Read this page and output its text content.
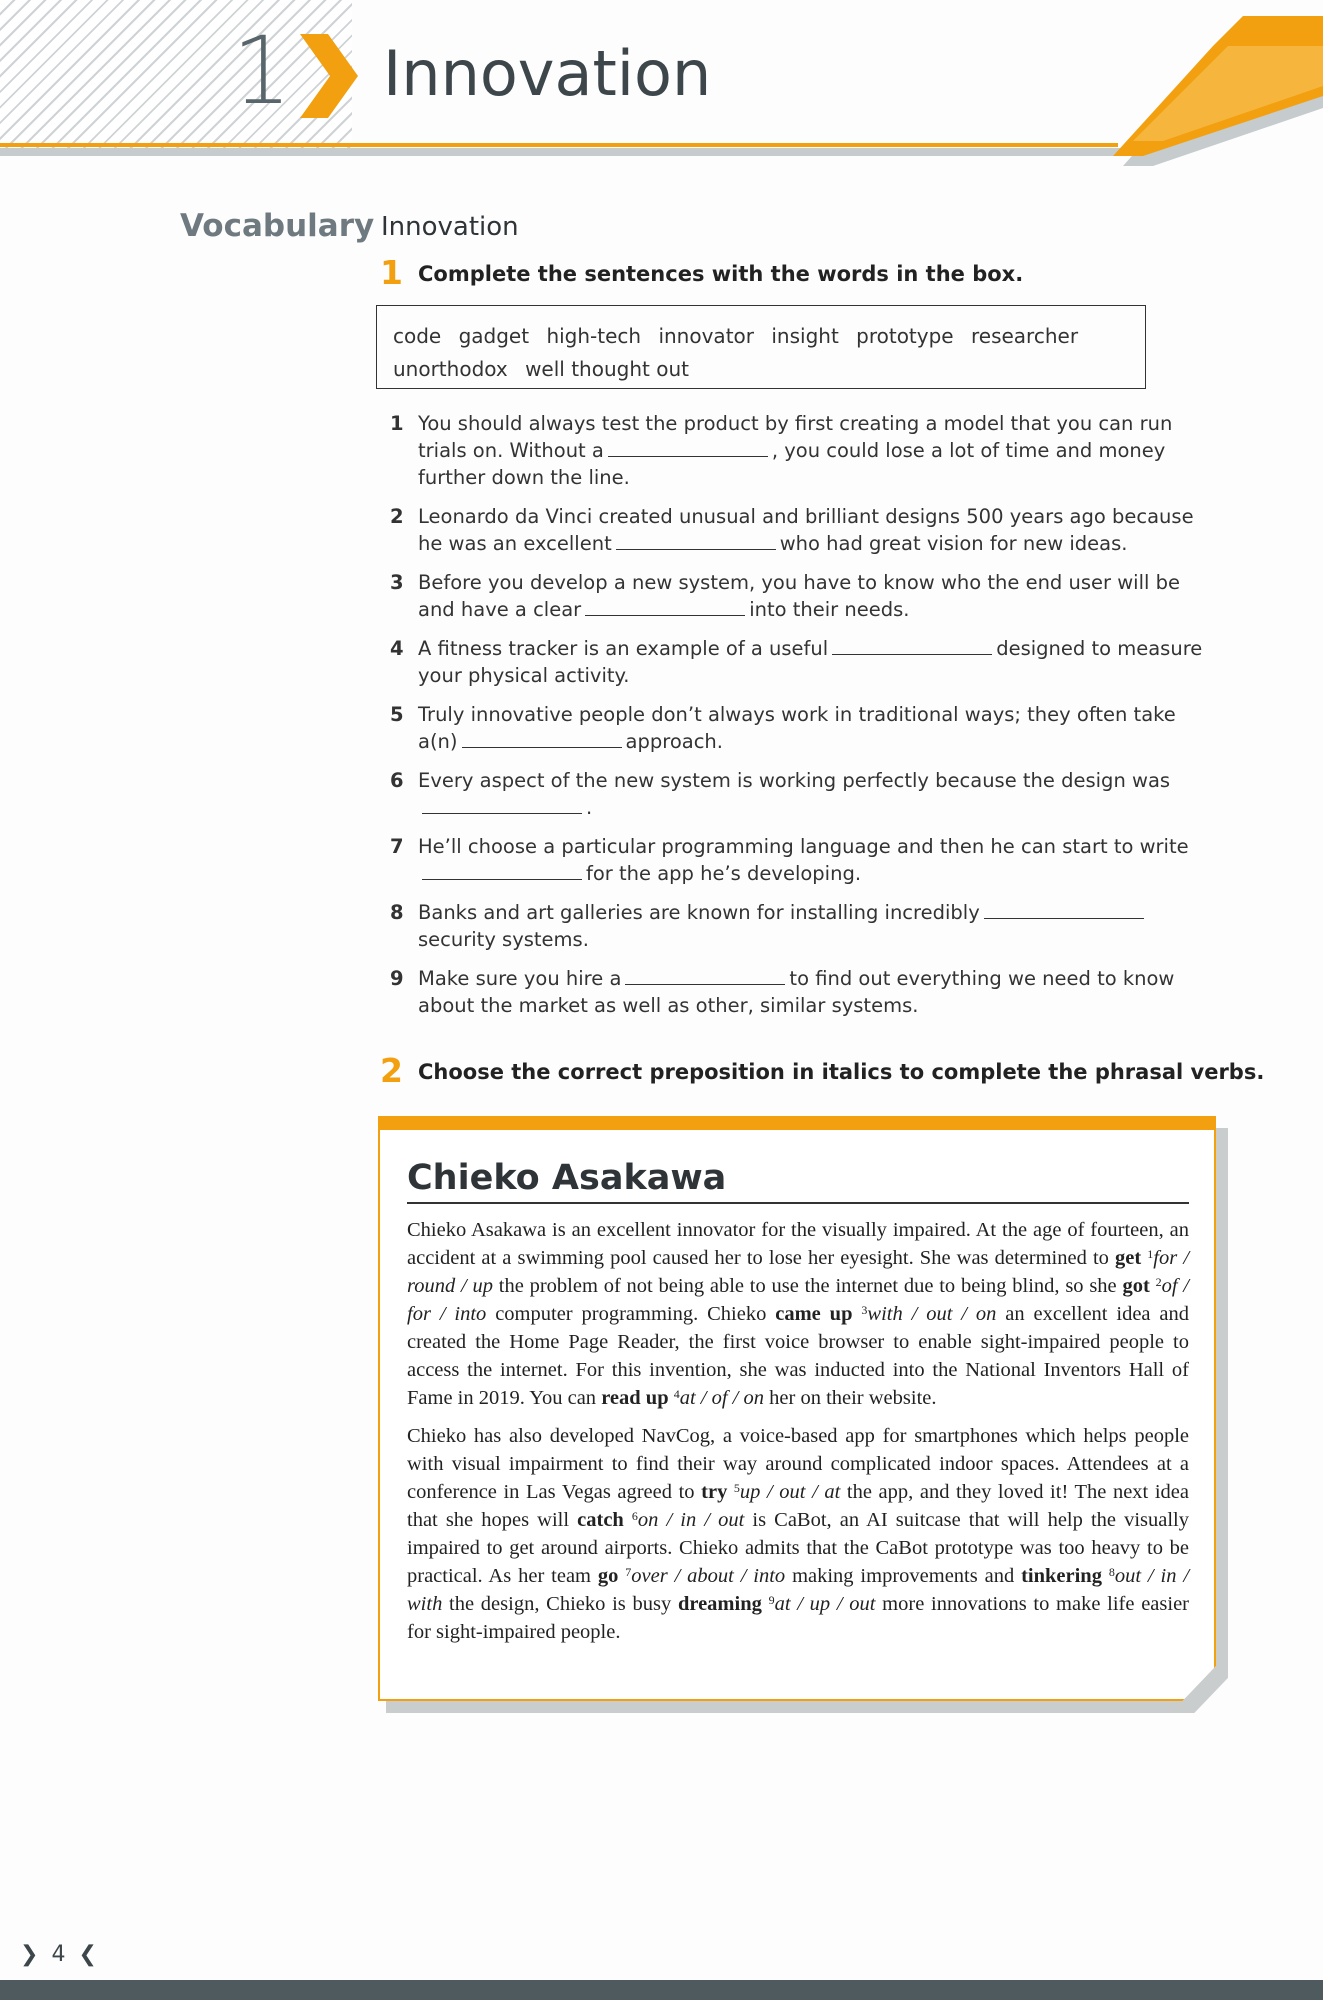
1 Innovation
Vocabulary Innovation
1 Complete the sentences with the words in the box.
code gadget high-tech innovator insight prototype researcher unorthodox well thought out
1 You should always test the product by first creating a model that you can run trials on. Without a	, you could lose a lot of time and money further down the line.
2 Leonardo da Vinci created unusual and brilliant designs 500 years ago because he was an excellent	who had great vision for new ideas.
3 Before you develop a new system, you have to know who the end user will be and have a clear	into their needs.
4 A fitness tracker is an example of a useful	designed to measure your physical activity.
5 Truly innovative people don’t always work in traditional ways; they often take a(n)	approach.
6 Every aspect of the new system is working perfectly because the design was.
7 He’ll choose a particular programming language and then he can start to writefor the app he’s developing.
8 Banks and art galleries are known for installing incrediblysecurity systems.
9 Make sure you hire a	to find out everything we need to know about the market as well as other, similar systems.
2 Choose the correct preposition in italics to complete the phrasal verbs.
Chieko Asakawa

Chieko Asakawa is an excellent innovator for the visually impaired. At the age of fourteen, an accident at a swimming pool caused her to lose her eyesight. She was determined to get $^1$for / round / up the problem of not being able to use the internet due to being blind, so she got $^2$of / for / into computer programming. Chieko came up $^3$with / out / on an excellent idea and created the Home Page Reader, the first voice browser to enable sight-impaired people to access the internet. For this invention, she was inducted into the National Inventors Hall of Fame in 2019. You can read up $^4$at / of / on her on their website.

Chieko has also developed NavCog, a voice-based app for smartphones which helps people with visual impairment to find their way around complicated indoor spaces. Attendees at a conference in Las Vegas agreed to try $^5$up / out / at the app, and they loved it! The next idea that she hopes will catch $^6$on / in / out is CaBot, an AI suitcase that will help the visually impaired to get around airports. Chieko admits that the CaBot prototype was too heavy to be practical. As her team go $^7$over / about / into making improvements and tinkering $^8$out / in / with the design, Chieko is busy dreaming $^9$at / up / out more innovations to make life easier for sight-impaired people.

❯ 4 ❮
